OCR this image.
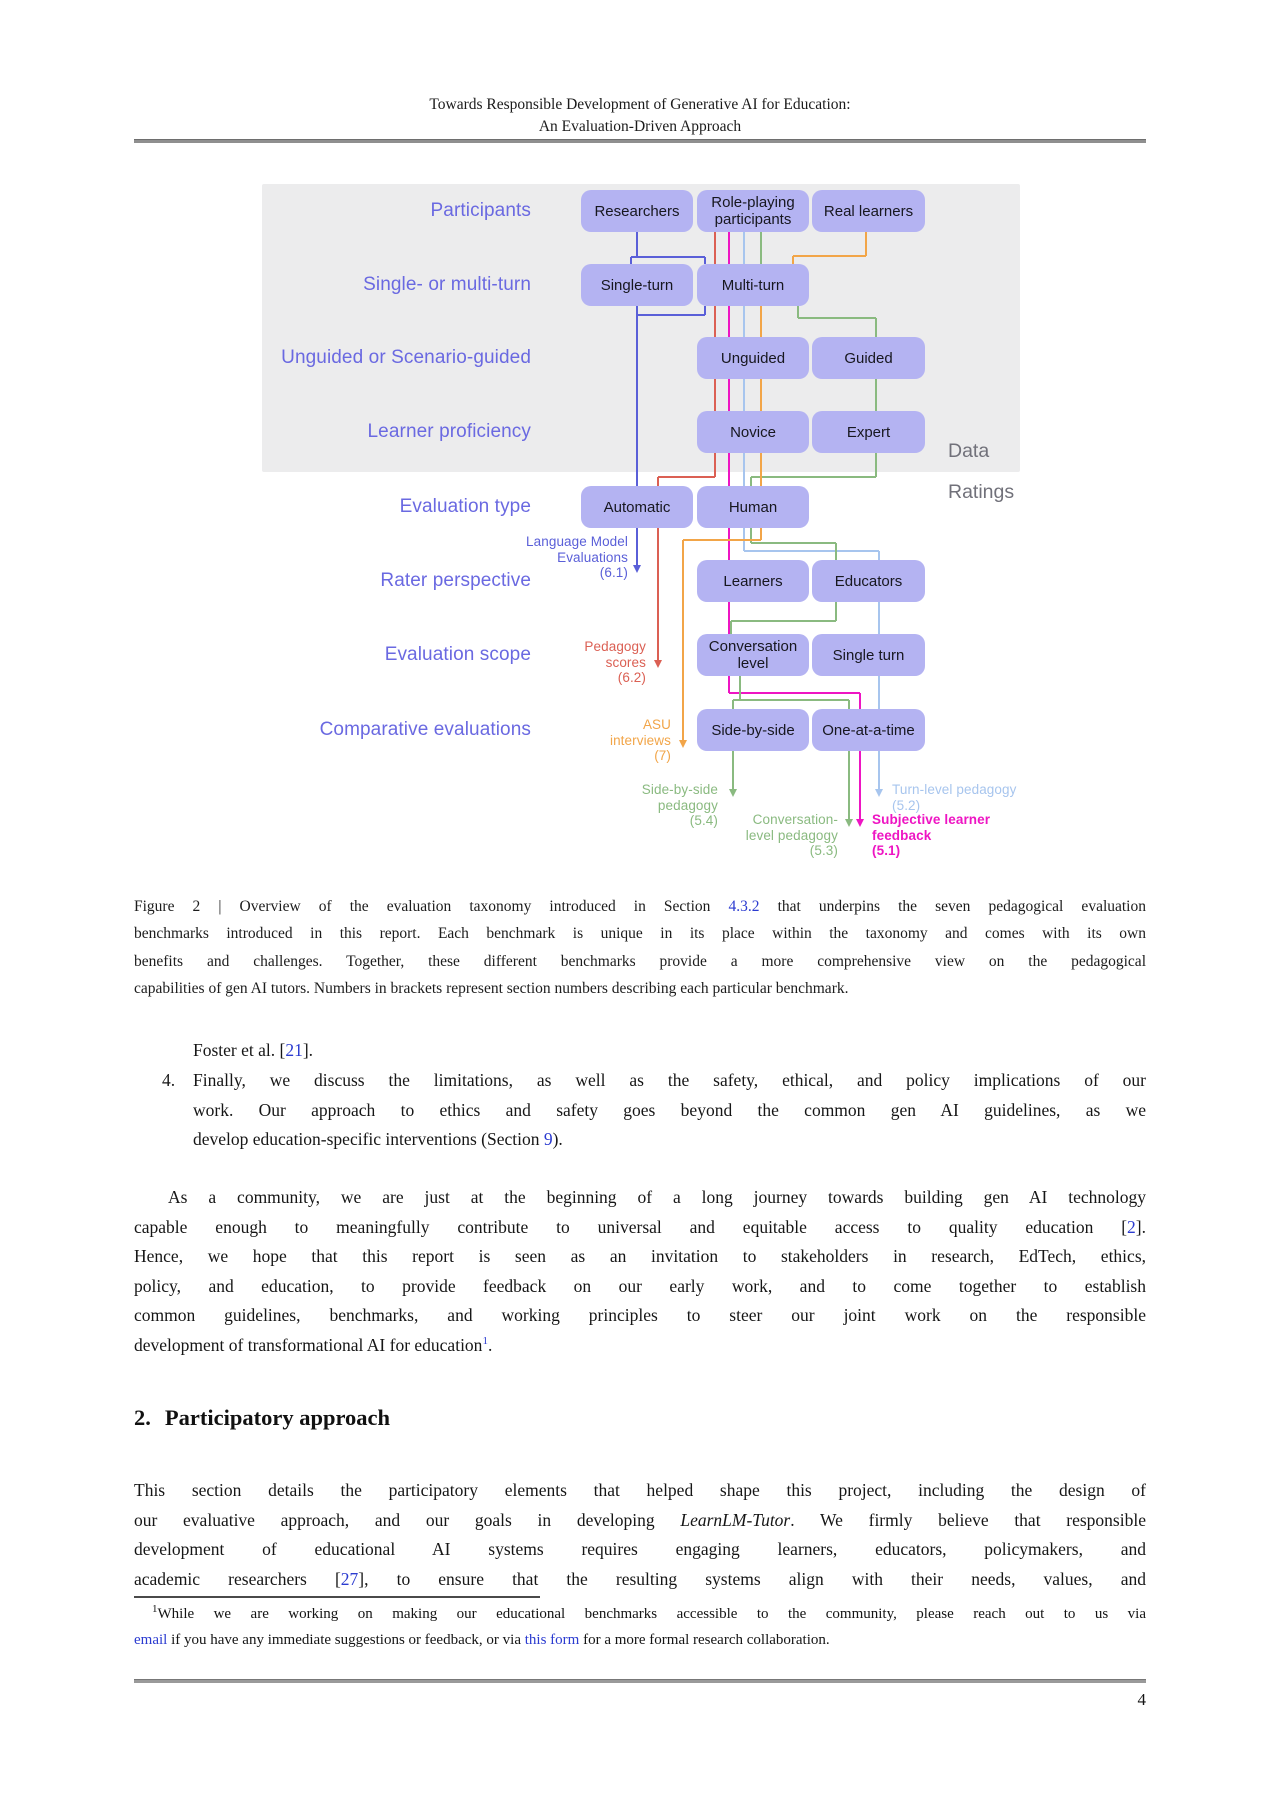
Towards Responsible Development of Generative AI for Education:
An Evaluation-Driven Approach
Participants	Researchers	Role-playing participants	Real learners
Single- or multi-turn	Single-turn	Multi-turn
Unguided or Scenario-guided	Unguided	Guided
Learner proficiency	Novice	Expert
Evaluation type	Automatic	Human
Rater perspective	Learners	Educators
Evaluation scope	Conversation level	Single turn
Comparative evaluations	Side-by-side	One-at-a-time
Data
Ratings
Language Model
Evaluations
(6.1)
Pedagogy
scores
(6.2)
ASU
interviews
(7)
Side-by-side
pedagogy
(5.4)	Conversation-
level pedagogy
(5.3)
Subjective learner
feedback
(5.1)
Turn-level pedagogy
(5.2)
Figure 2 | Overview of the evaluation taxonomy introduced in Section 4.3.2 that underpins the seven pedagogical evaluation
benchmarks introduced in this report. Each benchmark is unique in its place within the taxonomy and comes with its own
benefits and challenges. Together, these different benchmarks provide a more comprehensive view on the pedagogical
capabilities of gen AI tutors. Numbers in brackets represent section numbers describing each particular benchmark.
Foster et al. [21].
4.	Finally, we discuss the limitations, as well as the safety, ethical, and policy implications of our
work. Our approach to ethics and safety goes beyond the common gen AI guidelines, as we
develop education-specific interventions (Section 9).
As a community, we are just at the beginning of a long journey towards building gen AI technology
capable enough to meaningfully contribute to universal and equitable access to quality education [2].
Hence, we hope that this report is seen as an invitation to stakeholders in research, EdTech, ethics,
policy, and education, to provide feedback on our early work, and to come together to establish
common guidelines, benchmarks, and working principles to steer our joint work on the responsible
development of transformational AI for education$^1$.
2. Participatory approach
This section details the participatory elements that helped shape this project, including the design of
our evaluative approach, and our goals in developing LearnLM-Tutor. We firmly believe that responsible
development of educational AI systems requires engaging learners, educators, policymakers, and
academic researchers [27], to ensure that the resulting systems align with their needs, values, and
$^1$While we are working on making our educational benchmarks accessible to the community, please reach out to us via
email if you have any immediate suggestions or feedback, or via this form for a more formal research collaboration.
4
